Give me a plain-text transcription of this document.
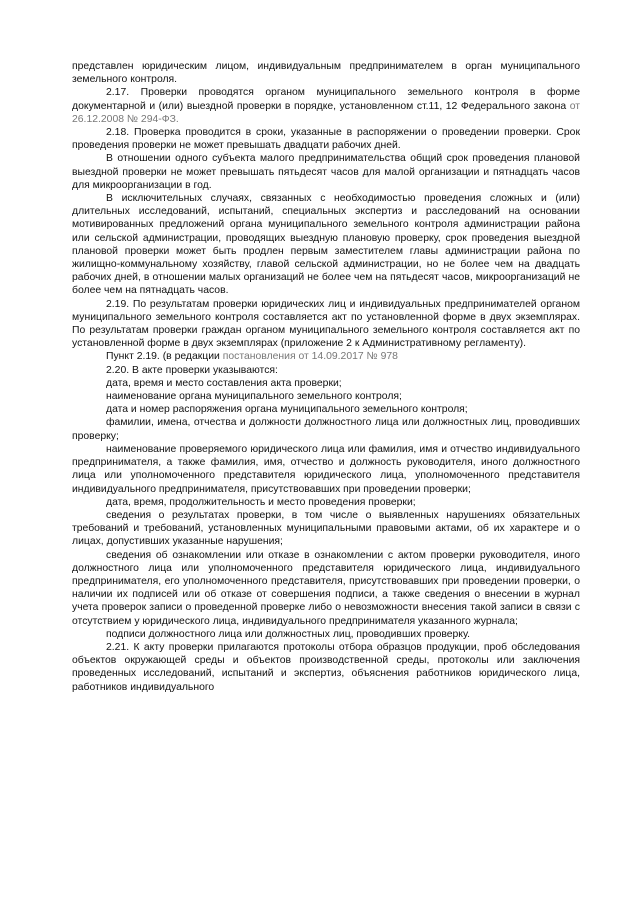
представлен юридическим лицом, индивидуальным предпринимателем в орган муниципального земельного контроля.

2.17. Проверки проводятся органом муниципального земельного контроля в форме документарной и (или) выездной проверки в порядке, установленном ст.11, 12 Федерального закона от 26.12.2008 № 294-ФЗ.

2.18. Проверка проводится в сроки, указанные в распоряжении о проведении проверки. Срок проведения проверки не может превышать двадцати рабочих дней.

В отношении одного субъекта малого предпринимательства общий срок проведения плановой выездной проверки не может превышать пятьдесят часов для малой организации и пятнадцать часов для микроорганизации в год.

В исключительных случаях, связанных с необходимостью проведения сложных и (или) длительных исследований, испытаний, специальных экспертиз и расследований на основании мотивированных предложений органа муниципального земельного контроля администрации района или сельской администрации, проводящих выездную плановую проверку, срок проведения выездной плановой проверки может быть продлен первым заместителем главы администрации района по жилищно-коммунальному хозяйству, главой сельской администрации, но не более чем на двадцать рабочих дней, в отношении малых организаций не более чем на пятьдесят часов, микроорганизаций не более чем на пятнадцать часов.

2.19. По результатам проверки юридических лиц и индивидуальных предпринимателей органом муниципального земельного контроля составляется акт по установленной форме в двух экземплярах. По результатам проверки граждан органом муниципального земельного контроля составляется акт по установленной форме в двух экземплярах (приложение 2 к Административному регламенту).

Пункт 2.19. (в редакции постановления от 14.09.2017 № 978

2.20. В акте проверки указываются:

дата, время и место составления акта проверки;

наименование органа муниципального земельного контроля;

дата и номер распоряжения органа муниципального земельного контроля;

фамилии, имена, отчества и должности должностного лица или должностных лиц, проводивших проверку;

наименование проверяемого юридического лица или фамилия, имя и отчество индивидуального предпринимателя, а также фамилия, имя, отчество и должность руководителя, иного должностного лица или уполномоченного представителя юридического лица, уполномоченного представителя индивидуального предпринимателя, присутствовавших при проведении проверки;

дата, время, продолжительность и место проведения проверки;

сведения о результатах проверки, в том числе о выявленных нарушениях обязательных требований и требований, установленных муниципальными правовыми актами, об их характере и о лицах, допустивших указанные нарушения;

сведения об ознакомлении или отказе в ознакомлении с актом проверки руководителя, иного должностного лица или уполномоченного представителя юридического лица, индивидуального предпринимателя, его уполномоченного представителя, присутствовавших при проведении проверки, о наличии их подписей или об отказе от совершения подписи, а также сведения о внесении в журнал учета проверок записи о проведенной проверке либо о невозможности внесения такой записи в связи с отсутствием у юридического лица, индивидуального предпринимателя указанного журнала;

подписи должностного лица или должностных лиц, проводивших проверку.

2.21. К акту проверки прилагаются протоколы отбора образцов продукции, проб обследования объектов окружающей среды и объектов производственной среды, протоколы или заключения проведенных исследований, испытаний и экспертиз, объяснения работников юридического лица, работников индивидуального
